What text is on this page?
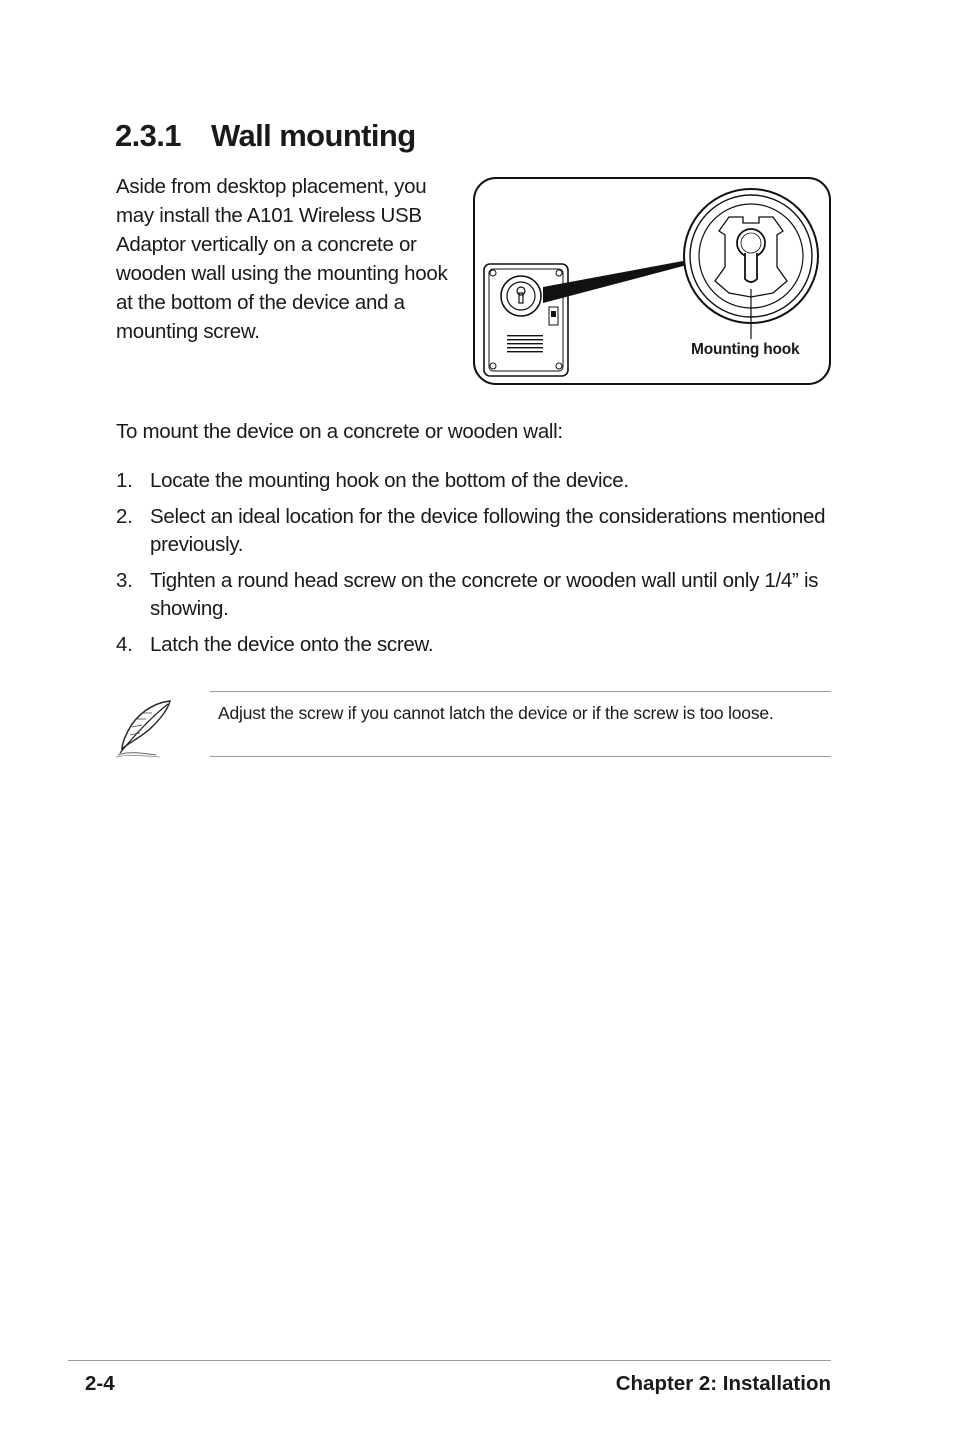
2.3.1 Wall mounting

Aside from desktop placement, you may install the A101 Wireless USB Adaptor vertically on a concrete or wooden wall using the mounting hook at the bottom of the device and a mounting screw.

Mounting hook

To mount the device on a concrete or wooden wall:

1. Locate the mounting hook on the bottom of the device.
2. Select an ideal location for the device following the considerations mentioned previously.
3. Tighten a round head screw on the concrete or wooden wall until only 1/4” is showing.
4. Latch the device onto the screw.

Adjust the screw if you cannot latch the device or if the screw is too loose.

2-4	Chapter 2: Installation
